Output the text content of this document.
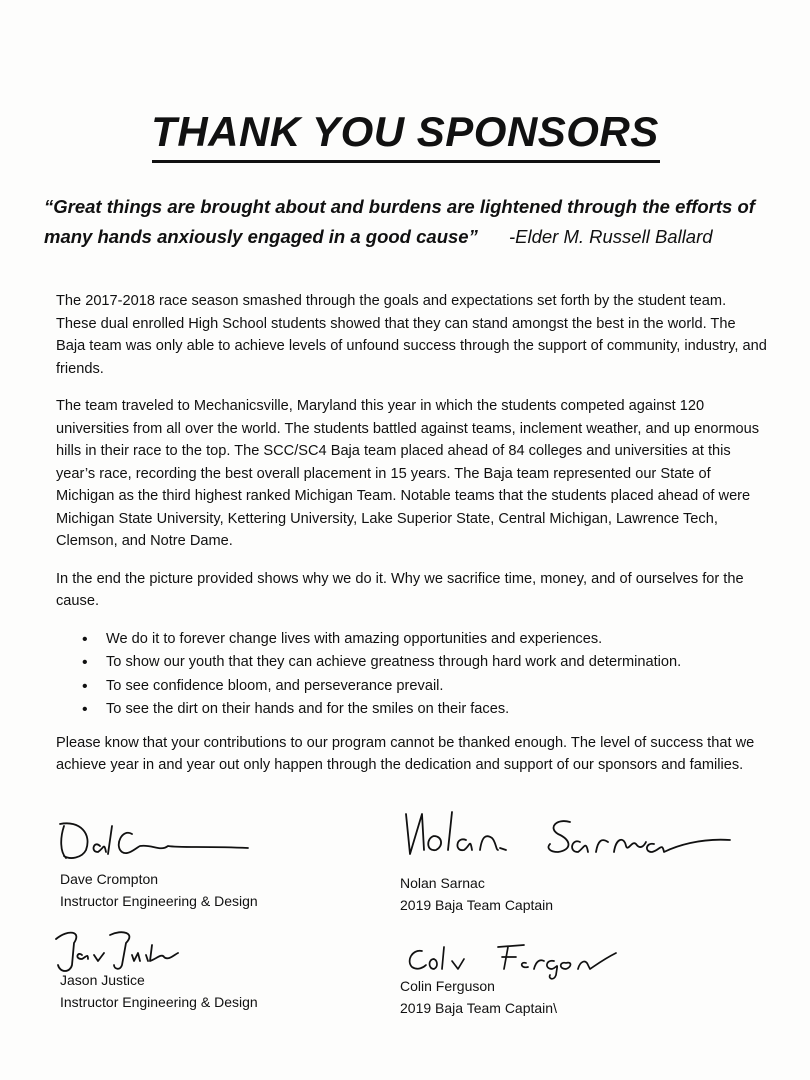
THANK YOU SPONSORS

“Great things are brought about and burdens are lightened through the efforts of many hands anxiously engaged in a good cause” -Elder M. Russell Ballard

The 2017-2018 race season smashed through the goals and expectations set forth by the student team. These dual enrolled High School students showed that they can stand amongst the best in the world. The Baja team was only able to achieve levels of unfound success through the support of community, industry, and friends.

The team traveled to Mechanicsville, Maryland this year in which the students competed against 120 universities from all over the world. The students battled against teams, inclement weather, and up enormous hills in their race to the top. The SCC/SC4 Baja team placed ahead of 84 colleges and universities at this year’s race, recording the best overall placement in 15 years. The Baja team represented our State of Michigan as the third highest ranked Michigan Team. Notable teams that the students placed ahead of were Michigan State University, Kettering University, Lake Superior State, Central Michigan, Lawrence Tech, Clemson, and Notre Dame.

In the end the picture provided shows why we do it. Why we sacrifice time, money, and of ourselves for the cause.

• We do it to forever change lives with amazing opportunities and experiences.
• To show our youth that they can achieve greatness through hard work and determination.
• To see confidence bloom, and perseverance prevail.
• To see the dirt on their hands and for the smiles on their faces.

Please know that your contributions to our program cannot be thanked enough. The level of success that we achieve year in and year out only happen through the dedication and support of our sponsors and families.

Dave Crompton
Instructor Engineering & Design
Nolan Sarnac
2019 Baja Team Captain
Jason Justice
Instructor Engineering & Design
Colin Ferguson
2019 Baja Team Captain\
